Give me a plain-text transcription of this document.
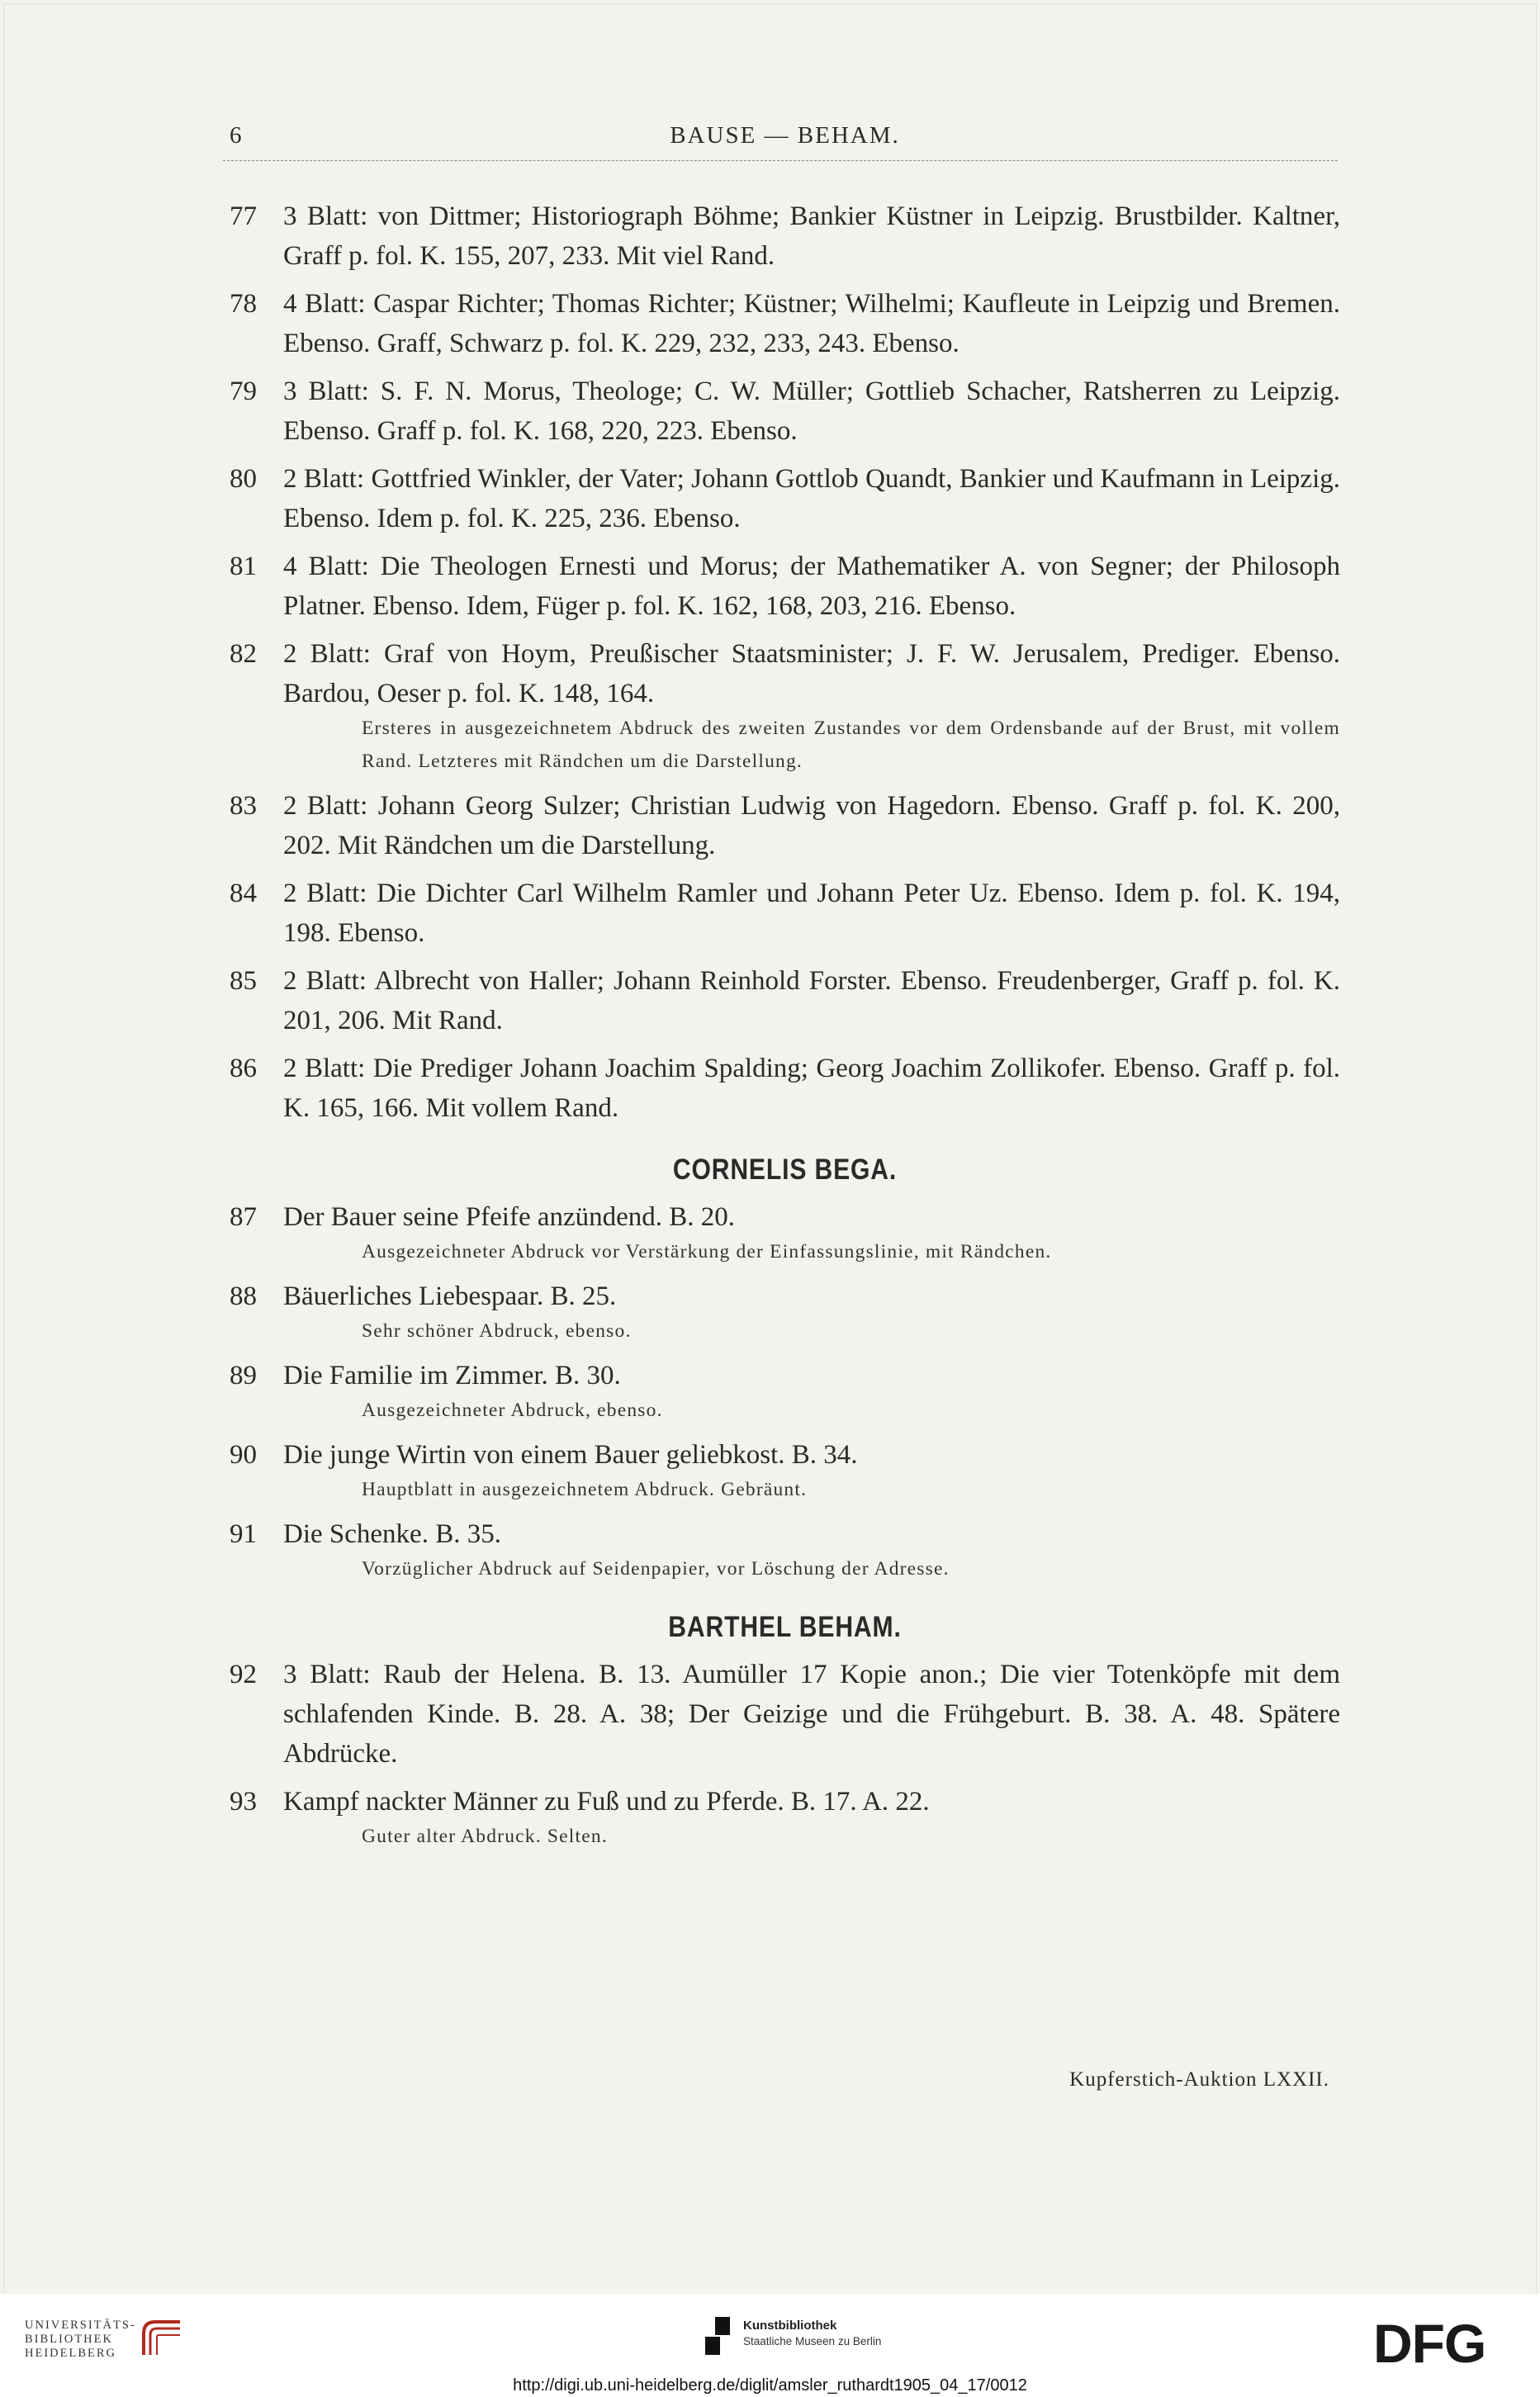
6	BAUSE — BEHAM.
77 3 Blatt: von Dittmer; Historiograph Böhme; Bankier Küstner in Leipzig. Brustbilder. Kaltner, Graff p. fol. K. 155, 207, 233. Mit viel Rand.
78 4 Blatt: Caspar Richter; Thomas Richter; Küstner; Wilhelmi; Kaufleute in Leipzig und Bremen. Ebenso. Graff, Schwarz p. fol. K. 229, 232, 233, 243. Ebenso.
79 3 Blatt: S. F. N. Morus, Theologe; C. W. Müller; Gottlieb Schacher, Ratsherren zu Leipzig. Ebenso. Graff p. fol. K. 168, 220, 223. Ebenso.
80 2 Blatt: Gottfried Winkler, der Vater; Johann Gottlob Quandt, Bankier und Kaufmann in Leipzig. Ebenso. Idem p. fol. K. 225, 236. Ebenso.
81 4 Blatt: Die Theologen Ernesti und Morus; der Mathematiker A. von Segner; der Philosoph Platner. Ebenso. Idem, Füger p. fol. K. 162, 168, 203, 216. Ebenso.
82 2 Blatt: Graf von Hoym, Preußischer Staatsminister; J. F. W. Jerusalem, Prediger. Ebenso. Bardou, Oeser p. fol. K. 148, 164.
Ersteres in ausgezeichnetem Abdruck des zweiten Zustandes vor dem Ordensbande auf der Brust, mit vollem Rand. Letzteres mit Rändchen um die Darstellung.
83 2 Blatt: Johann Georg Sulzer; Christian Ludwig von Hagedorn. Ebenso. Graff p. fol. K. 200, 202. Mit Rändchen um die Darstellung.
84 2 Blatt: Die Dichter Carl Wilhelm Ramler und Johann Peter Uz. Ebenso. Idem p. fol. K. 194, 198. Ebenso.
85 2 Blatt: Albrecht von Haller; Johann Reinhold Forster. Ebenso. Freudenberger, Graff p. fol. K. 201, 206. Mit Rand.
86 2 Blatt: Die Prediger Johann Joachim Spalding; Georg Joachim Zollikofer. Ebenso. Graff p. fol. K. 165, 166. Mit vollem Rand.
CORNELIS BEGA.
87 Der Bauer seine Pfeife anzündend. B. 20.
Ausgezeichneter Abdruck vor Verstärkung der Einfassungslinie, mit Rändchen.
88 Bäuerliches Liebespaar. B. 25.
Sehr schöner Abdruck, ebenso.
89 Die Familie im Zimmer. B. 30.
Ausgezeichneter Abdruck, ebenso.
90 Die junge Wirtin von einem Bauer geliebkost. B. 34.
Hauptblatt in ausgezeichnetem Abdruck. Gebräunt.
91 Die Schenke. B. 35.
Vorzüglicher Abdruck auf Seidenpapier, vor Löschung der Adresse.
BARTHEL BEHAM.
92 3 Blatt: Raub der Helena. B. 13. Aumüller 17 Kopie anon.; Die vier Totenköpfe mit dem schlafenden Kinde. B. 28. A. 38; Der Geizige und die Frühgeburt. B. 38. A. 48. Spätere Abdrücke.
93 Kampf nackter Männer zu Fuß und zu Pferde. B. 17. A. 22.
Guter alter Abdruck. Selten.
Kupferstich-Auktion LXXII.
UNIVERSITÄTS-
BIBLIOTHEK
HEIDELBERG
Kunstbibliothek
Staatliche Museen zu Berlin	DFG
http://digi.ub.uni-heidelberg.de/diglit/amsler_ruthardt1905_04_17/0012
